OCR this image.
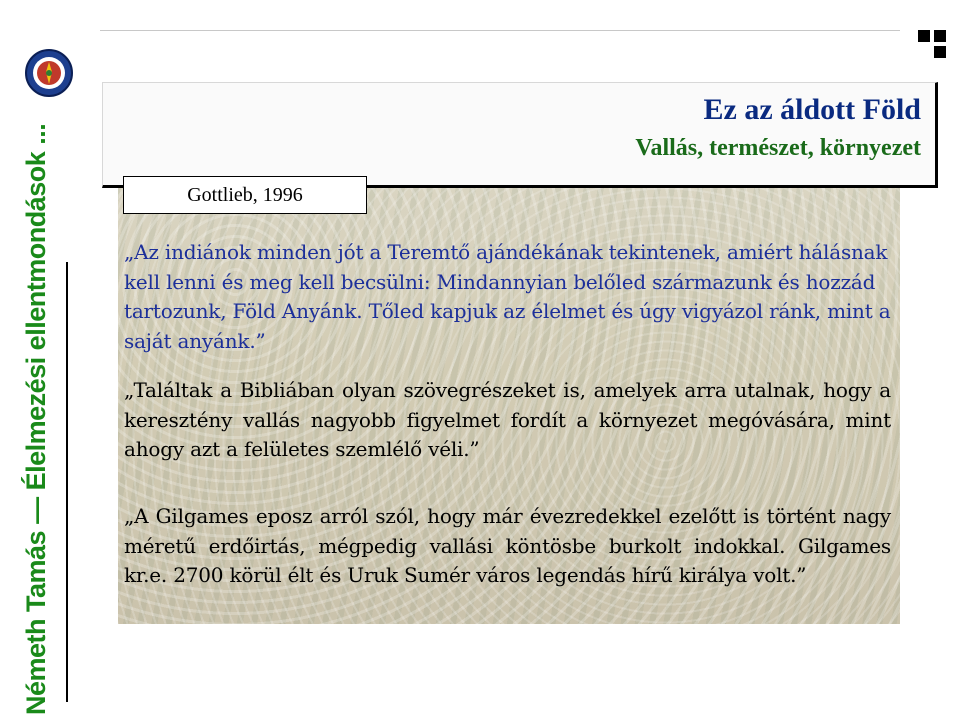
Németh Tamás — Élelmezési ellentmondások ...
Ez az áldott Föld
Vallás, természet, környezet
Gottlieb, 1996

„Az indiánok minden jót a Teremtő ajándékának tekintenek, amiért hálásnak kell lenni és meg kell becsülni: Mindannyian belőled származunk és hozzád tartozunk, Föld Anyánk. Tőled kapjuk az élelmet és úgy vigyázol ránk, mint a saját anyánk.”

„Találtak a Bibliában olyan szövegrészeket is, amelyek arra utalnak, hogy a keresztény vallás nagyobb figyelmet fordít a környezet megóvására, mint ahogy azt a felületes szemlélő véli.”

„A Gilgames eposz arról szól, hogy már évezredekkel ezelőtt is történt nagy méretű erdőirtás, mégpedig vallási köntösbe burkolt indokkal. Gilgames kr.e. 2700 körül élt és Uruk Sumér város legendás hírű királya volt.”
